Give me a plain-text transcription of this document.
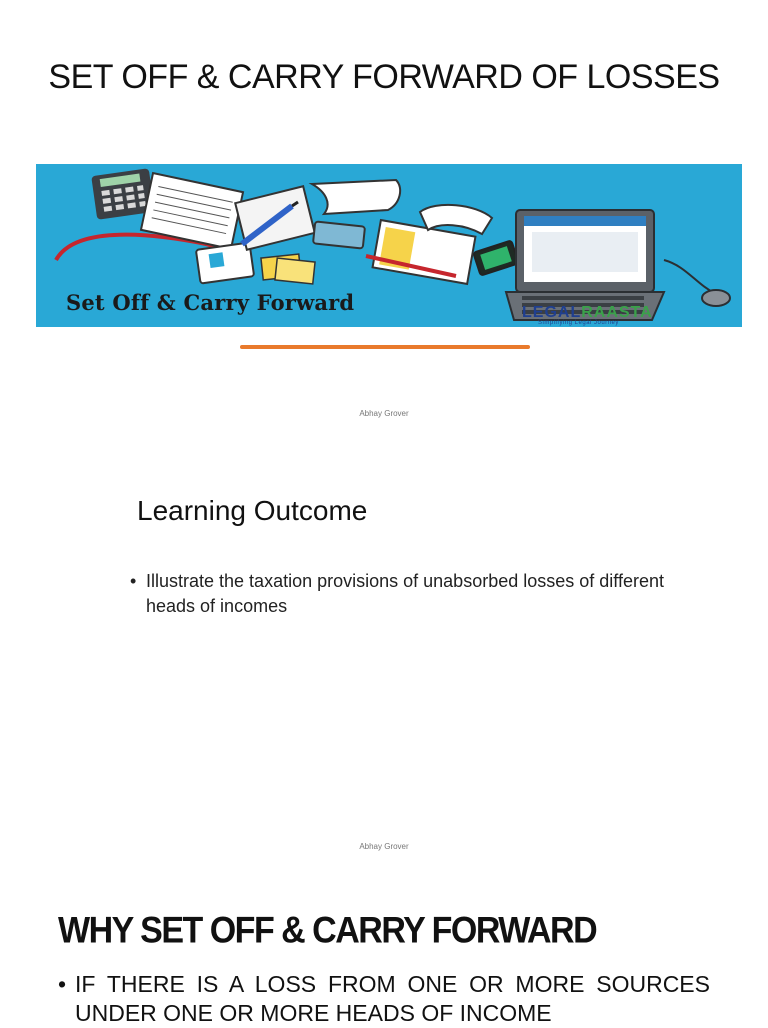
SET OFF & CARRY FORWARD OF LOSSES
Set Off & Carry Forward	LEGALRAASTA
Simplifying Legal Journey
Abhay Grover
Learning Outcome
• Illustrate the taxation provisions of unabsorbed losses of different heads of incomes
Abhay Grover
WHY SET OFF & CARRY FORWARD
• IF THERE IS A LOSS FROM ONE OR MORE SOURCES UNDER ONE OR MORE HEADS OF INCOME
